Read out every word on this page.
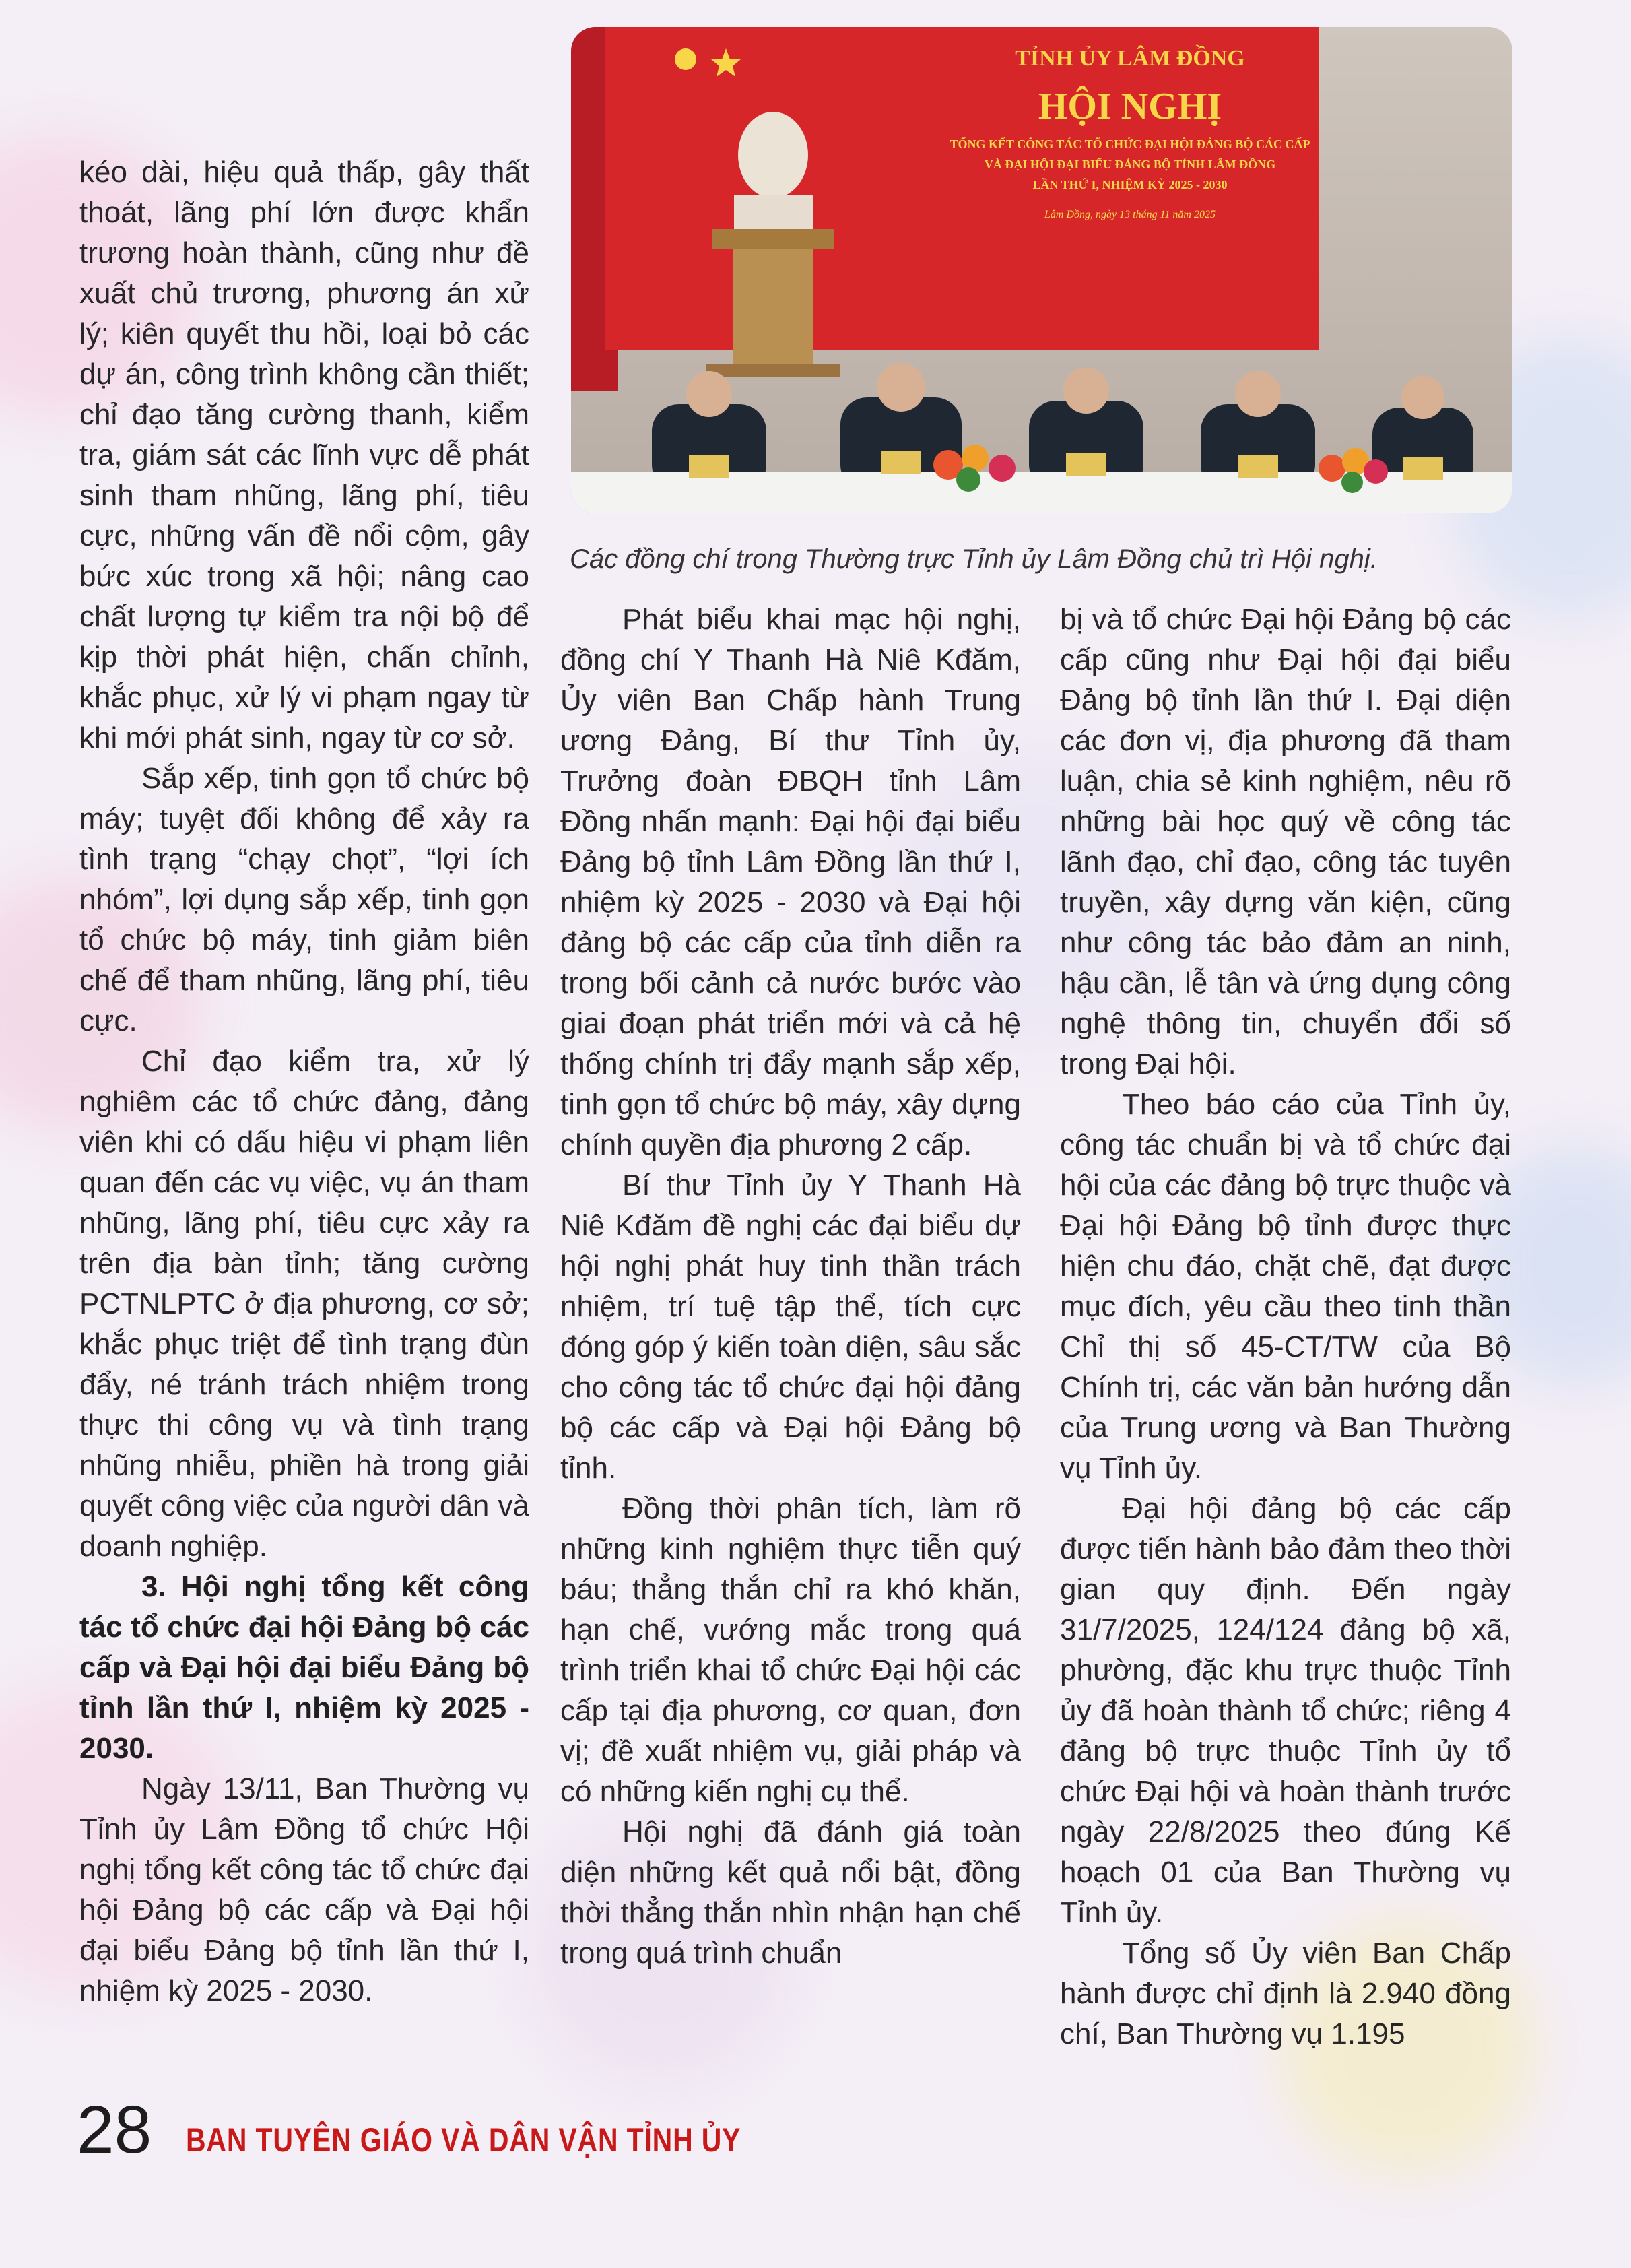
TỈNH ỦY LÂM ĐỒNG
HỘI NGHỊ
TỔNG KẾT CÔNG TÁC TỔ CHỨC ĐẠI HỘI ĐẢNG BỘ CÁC CẤP
VÀ ĐẠI HỘI ĐẠI BIỂU ĐẢNG BỘ TỈNH LÂM ĐỒNG
LẦN THỨ I, NHIỆM KỲ 2025 - 2030
Lâm Đồng, ngày 13 tháng 11 năm 2025
Các đồng chí trong Thường trực Tỉnh ủy Lâm Đồng chủ trì Hội nghị.

kéo dài, hiệu quả thấp, gây thất thoát, lãng phí lớn được khẩn trương hoàn thành, cũng như đề xuất chủ trương, phương án xử lý; kiên quyết thu hồi, loại bỏ các dự án, công trình không cần thiết; chỉ đạo tăng cường thanh, kiểm tra, giám sát các lĩnh vực dễ phát sinh tham nhũng, lãng phí, tiêu cực, những vấn đề nổi cộm, gây bức xúc trong xã hội; nâng cao chất lượng tự kiểm tra nội bộ để kịp thời phát hiện, chấn chỉnh, khắc phục, xử lý vi phạm ngay từ khi mới phát sinh, ngay từ cơ sở.

Sắp xếp, tinh gọn tổ chức bộ máy; tuyệt đối không để xảy ra tình trạng “chạy chọt”, “lợi ích nhóm”, lợi dụng sắp xếp, tinh gọn tổ chức bộ máy, tinh giảm biên chế để tham nhũng, lãng phí, tiêu cực.

Chỉ đạo kiểm tra, xử lý nghiêm các tổ chức đảng, đảng viên khi có dấu hiệu vi phạm liên quan đến các vụ việc, vụ án tham nhũng, lãng phí, tiêu cực xảy ra trên địa bàn tỉnh; tăng cường PCTNLPTC ở địa phương, cơ sở; khắc phục triệt để tình trạng đùn đẩy, né tránh trách nhiệm trong thực thi công vụ và tình trạng nhũng nhiễu, phiền hà trong giải quyết công việc của người dân và doanh nghiệp.

3. Hội nghị tổng kết công tác tổ chức đại hội Đảng bộ các cấp và Đại hội đại biểu Đảng bộ tỉnh lần thứ I, nhiệm kỳ 2025 - 2030.

Ngày 13/11, Ban Thường vụ Tỉnh ủy Lâm Đồng tổ chức Hội nghị tổng kết công tác tổ chức đại hội Đảng bộ các cấp và Đại hội đại biểu Đảng bộ tỉnh lần thứ I, nhiệm kỳ 2025 - 2030.

Phát biểu khai mạc hội nghị, đồng chí Y Thanh Hà Niê Kđăm, Ủy viên Ban Chấp hành Trung ương Đảng, Bí thư Tỉnh ủy, Trưởng đoàn ĐBQH tỉnh Lâm Đồng nhấn mạnh: Đại hội đại biểu Đảng bộ tỉnh Lâm Đồng lần thứ I, nhiệm kỳ 2025 - 2030 và Đại hội đảng bộ các cấp của tỉnh diễn ra trong bối cảnh cả nước bước vào giai đoạn phát triển mới và cả hệ thống chính trị đẩy mạnh sắp xếp, tinh gọn tổ chức bộ máy, xây dựng chính quyền địa phương 2 cấp.

Bí thư Tỉnh ủy Y Thanh Hà Niê Kđăm đề nghị các đại biểu dự hội nghị phát huy tinh thần trách nhiệm, trí tuệ tập thể, tích cực đóng góp ý kiến toàn diện, sâu sắc cho công tác tổ chức đại hội đảng bộ các cấp và Đại hội Đảng bộ tỉnh.

Đồng thời phân tích, làm rõ những kinh nghiệm thực tiễn quý báu; thẳng thắn chỉ ra khó khăn, hạn chế, vướng mắc trong quá trình triển khai tổ chức Đại hội các cấp tại địa phương, cơ quan, đơn vị; đề xuất nhiệm vụ, giải pháp và có những kiến nghị cụ thể.

Hội nghị đã đánh giá toàn diện những kết quả nổi bật, đồng thời thẳng thắn nhìn nhận hạn chế trong quá trình chuẩn

bị và tổ chức Đại hội Đảng bộ các cấp cũng như Đại hội đại biểu Đảng bộ tỉnh lần thứ I. Đại diện các đơn vị, địa phương đã tham luận, chia sẻ kinh nghiệm, nêu rõ những bài học quý về công tác lãnh đạo, chỉ đạo, công tác tuyên truyền, xây dựng văn kiện, cũng như công tác bảo đảm an ninh, hậu cần, lễ tân và ứng dụng công nghệ thông tin, chuyển đổi số trong Đại hội.

Theo báo cáo của Tỉnh ủy, công tác chuẩn bị và tổ chức đại hội của các đảng bộ trực thuộc và Đại hội Đảng bộ tỉnh được thực hiện chu đáo, chặt chẽ, đạt được mục đích, yêu cầu theo tinh thần Chỉ thị số 45-CT/TW của Bộ Chính trị, các văn bản hướng dẫn của Trung ương và Ban Thường vụ Tỉnh ủy.

Đại hội đảng bộ các cấp được tiến hành bảo đảm theo thời gian quy định. Đến ngày 31/7/2025, 124/124 đảng bộ xã, phường, đặc khu trực thuộc Tỉnh ủy đã hoàn thành tổ chức; riêng 4 đảng bộ trực thuộc Tỉnh ủy tổ chức Đại hội và hoàn thành trước ngày 22/8/2025 theo đúng Kế hoạch 01 của Ban Thường vụ Tỉnh ủy.

Tổng số Ủy viên Ban Chấp hành được chỉ định là 2.940 đồng chí, Ban Thường vụ 1.195

28 BAN TUYÊN GIÁO VÀ DÂN VẬN TỈNH ỦY
